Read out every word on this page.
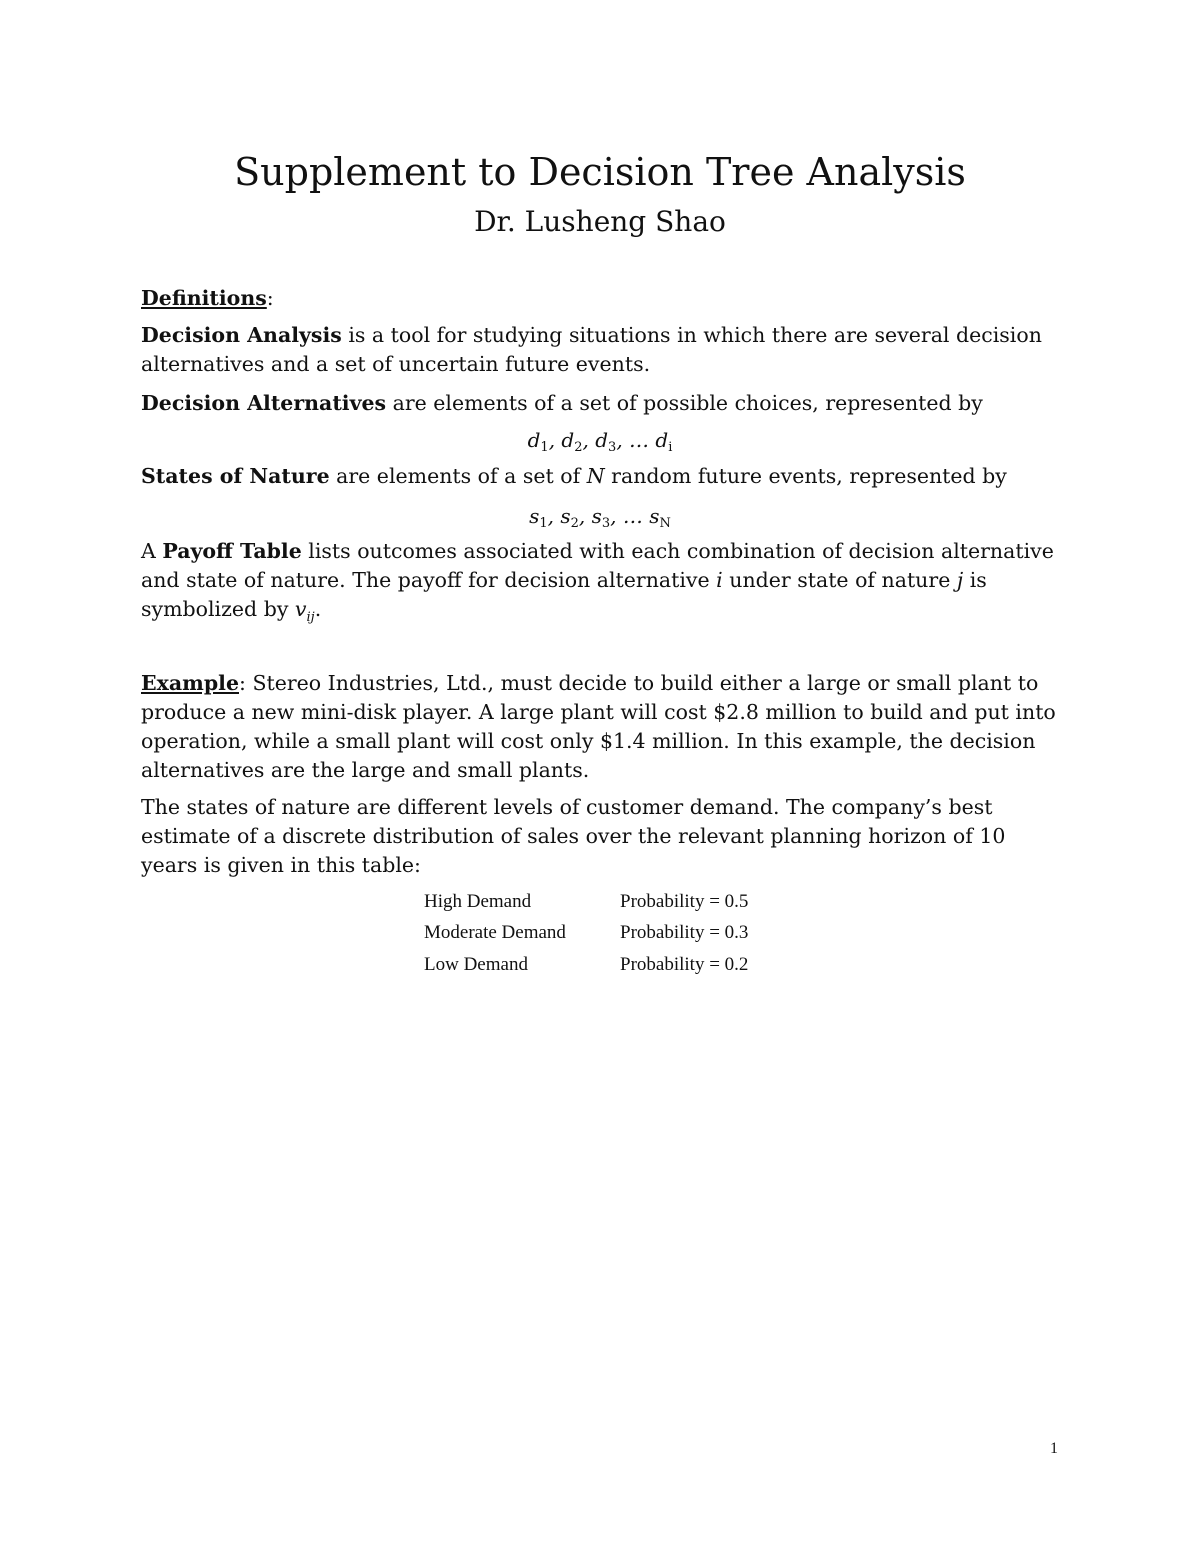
Supplement to Decision Tree Analysis
Dr. Lusheng Shao

Definitions:

Decision Analysis is a tool for studying situations in which there are several decision alternatives and a set of uncertain future events.

Decision Alternatives are elements of a set of possible choices, represented by

$d_1$, $d_2$, $d_3$, … $d_i$

States of Nature are elements of a set of N random future events, represented by

$s_1$, $s_2$, $s_3$, … $s_N$

A Payoff Table lists outcomes associated with each combination of decision alternative and state of nature. The payoff for decision alternative i under state of nature j is symbolized by $v_{ij}$.

Example: Stereo Industries, Ltd., must decide to build either a large or small plant to produce a new mini-disk player. A large plant will cost $2.8 million to build and put into operation, while a small plant will cost only $1.4 million. In this example, the decision alternatives are the large and small plants.

The states of nature are different levels of customer demand. The company’s best estimate of a discrete distribution of sales over the relevant planning horizon of 10 years is given in this table:

High Demand	Probability = 0.5
Moderate Demand	Probability = 0.3
Low Demand	Probability = 0.2
1
